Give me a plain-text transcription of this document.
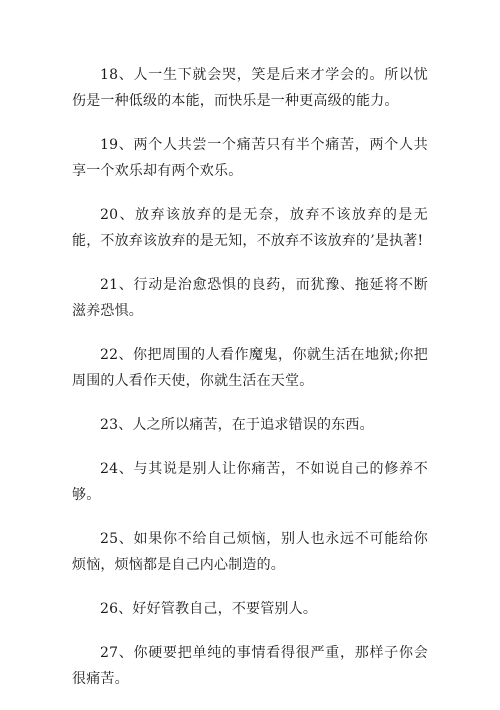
18、人一生下就会哭，笑是后来才学会的。所以忧伤是一种低级的本能，而快乐是一种更高级的能力。

19、两个人共尝一个痛苦只有半个痛苦，两个人共享一个欢乐却有两个欢乐。

20、放弃该放弃的是无奈，放弃不该放弃的是无能，不放弃该放弃的是无知，不放弃不该放弃的’是执著!

21、行动是治愈恐惧的良药，而犹豫、拖延将不断滋养恐惧。

22、你把周围的人看作魔鬼，你就生活在地狱;你把周围的人看作天使，你就生活在天堂。

23、人之所以痛苦，在于追求错误的东西。

24、与其说是别人让你痛苦，不如说自己的修养不够。

25、如果你不给自己烦恼，别人也永远不可能给你烦恼，烦恼都是自己内心制造的。

26、好好管教自己，不要管别人。

27、你硬要把单纯的事情看得很严重，那样子你会很痛苦。
